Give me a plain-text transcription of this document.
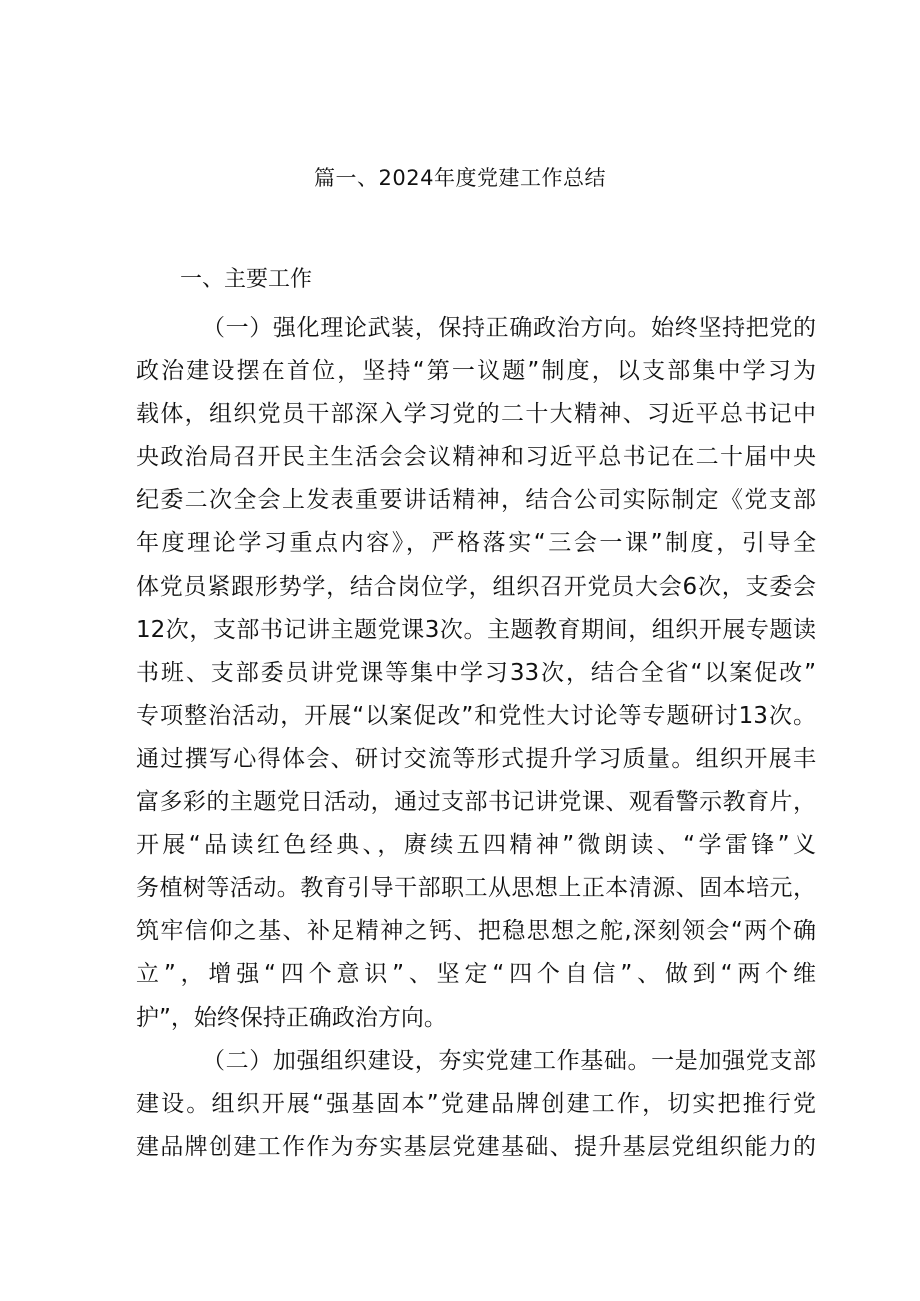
篇一、2024年度党建工作总结
一、主要工作
（一）强化理论武装，保持正确政治方向。始终坚持把党的
政治建设摆在首位，坚持“第一议题”制度，以支部集中学习为
载体，组织党员干部深入学习党的二十大精神、习近平总书记中
央政治局召开民主生活会会议精神和习近平总书记在二十届中央
纪委二次全会上发表重要讲话精神，结合公司实际制定《党支部
年度理论学习重点内容》，严格落实“三会一课”制度，引导全
体党员紧跟形势学，结合岗位学，组织召开党员大会6次，支委会
12次，支部书记讲主题党课3次。主题教育期间，组织开展专题读
书班、支部委员讲党课等集中学习33次，结合全省“以案促改”
专项整治活动，开展“以案促改”和党性大讨论等专题研讨13次。
通过撰写心得体会、研讨交流等形式提升学习质量。组织开展丰
富多彩的主题党日活动，通过支部书记讲党课、观看警示教育片，
开展“品读红色经典、，赓续五四精神”微朗读、“学雷锋”义
务植树等活动。教育引导干部职工从思想上正本清源、固本培元，
筑牢信仰之基、补足精神之钙、把稳思想之舵,深刻领会“两个确
立”，增强“四个意识”、坚定“四个自信”、做到“两个维
护”，始终保持正确政治方向。
（二）加强组织建设，夯实党建工作基础。一是加强党支部
建设。组织开展“强基固本”党建品牌创建工作，切实把推行党
建品牌创建工作作为夯实基层党建基础、提升基层党组织能力的
